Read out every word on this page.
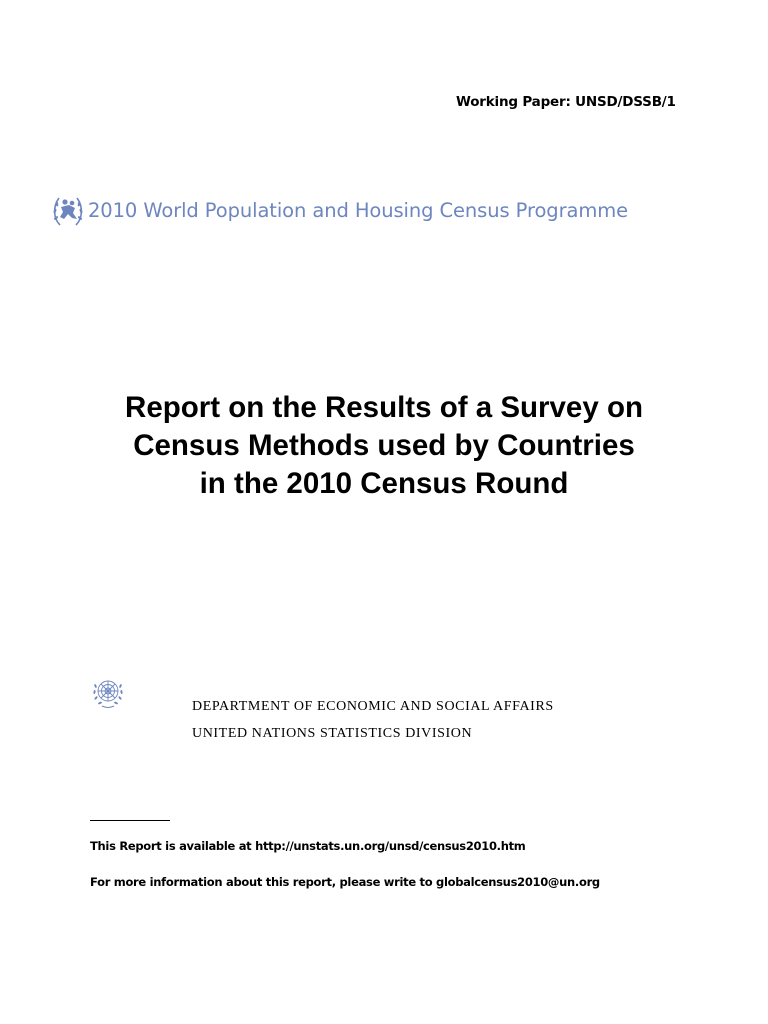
Working Paper: UNSD/DSSB/1
2010 World Population and Housing Census Programme
Report on the Results of a Survey on
Census Methods used by Countries
in the 2010 Census Round
DEPARTMENT OF ECONOMIC AND SOCIAL AFFAIRS
UNITED NATIONS STATISTICS DIVISION
This Report is available at http://unstats.un.org/unsd/census2010.htm
For more information about this report, please write to globalcensus2010@un.org
